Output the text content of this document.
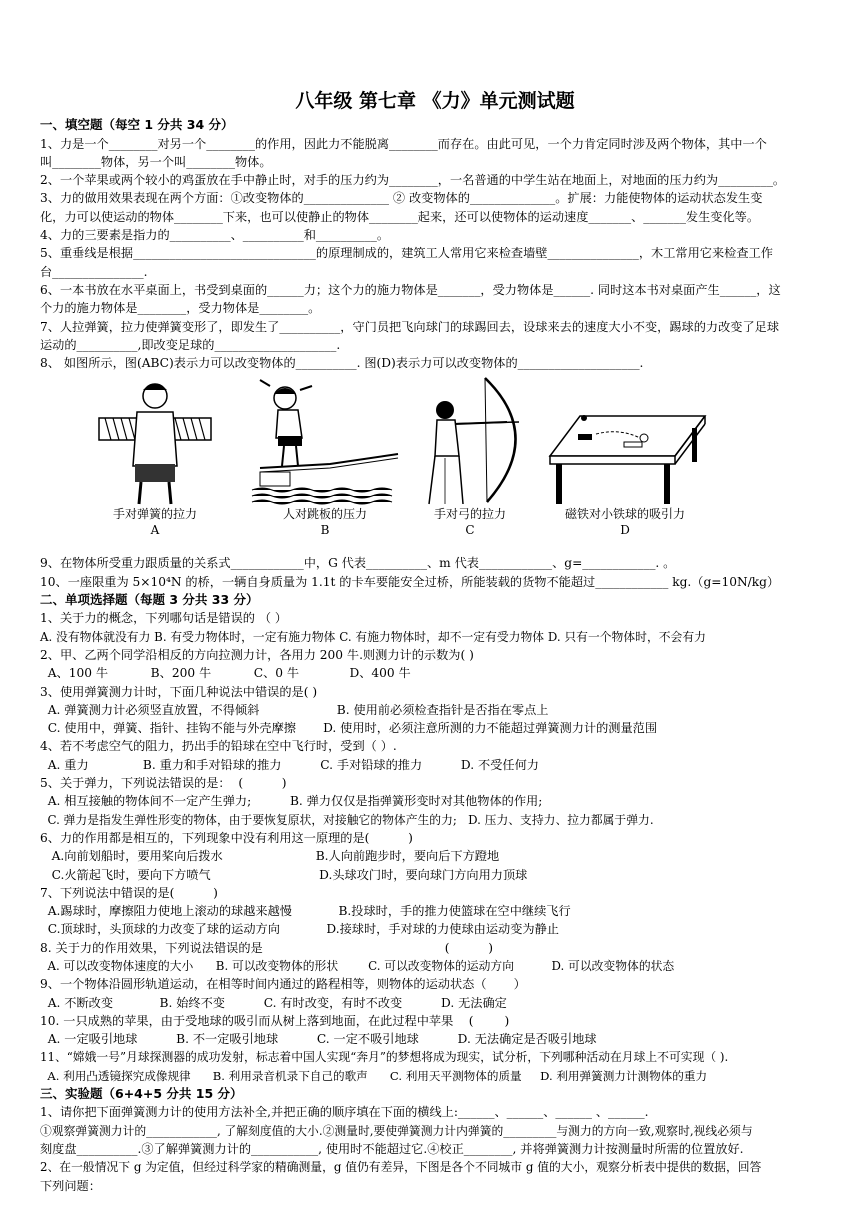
八年级 第七章 《力》单元测试题
一、填空题（每空 1 分共 34 分）

1、力是一个________对另一个________的作用，因此力不能脱离________而存在。由此可见，一个力肯定同时涉及两个物体，其中一个

叫________物体，另一个叫________物体。

2、一个苹果或两个较小的鸡蛋放在手中静止时，对手的压力约为________，一名普通的中学生站在地面上，对地面的压力约为_________。

3、力的做用效果表现在两个方面：①改变物体的______________ ② 改变物体的______________。扩展：力能使物体的运动状态发生变

化，力可以使运动的物体________下来，也可以使静止的物体________起来，还可以使物体的运动速度_______、_______发生变化等。

4、力的三要素是指力的__________、__________和__________。

5、重垂线是根据______________________________的原理制成的，建筑工人常用它来检查墙壁_______________，木工常用它来检查工作

台_______________.

6、一本书放在水平桌面上，书受到桌面的______力；这个力的施力物体是_______，受力物体是______. 同时这本书对桌面产生______，这

个力的施力物体是________，受力物体是________。

7、人拉弹簧，拉力使弹簧变形了，即发生了__________，守门员把飞向球门的球踢回去，设球来去的速度大小不变，踢球的力改变了足球

运动的__________,即改变足球的____________________.

8、 如图所示，图(ABC)表示力可以改变物体的__________. 图(D)表示力可以改变物体的____________________.

手对弹簧的拉力
A
人对跳板的压力
B
手对弓的拉力
C
磁铁对小铁球的吸引力
D

9、在物体所受重力跟质量的关系式____________中，G 代表__________、m 代表____________、g=____________. 。

10、一座限重为 5×10⁴N 的桥，一辆自身质量为 1.1t 的卡车要能安全过桥，所能装载的货物不能超过____________ kg.（g=10N/kg）

二、单项选择题（每题 3 分共 33 分）

1、关于力的概念，下列哪句话是错误的 （ ）

A. 没有物体就没有力 B. 有受力物体时，一定有施力物体 C. 有施力物体时，却不一定有受力物体 D. 只有一个物体时，不会有力

2、甲、乙两个同学沿相反的方向拉测力计，各用力 200 牛.则测力计的示数为( )

A、100 牛           B、200 牛           C、0 牛             D、400 牛

3、使用弹簧测力计时，下面几种说法中错误的是( )

A. 弹簧测力计必须竖直放置，不得倾斜                    B. 使用前必须检查指针是否指在零点上

C. 使用中，弹簧、指针、挂钩不能与外壳摩擦       D. 使用时，必须注意所测的力不能超过弹簧测力计的测量范围

4、若不考虑空气的阻力，扔出手的铅球在空中飞行时，受到（ ）.

A. 重力              B. 重力和手对铅球的推力          C. 手对铅球的推力          D. 不受任何力

5、关于弹力，下列说法错误的是：  (          )

A. 相互接触的物体间不一定产生弹力;          B. 弹力仅仅是指弹簧形变时对其他物体的作用;

C. 弹力是指发生弹性形变的物体，由于要恢复原状，对接触它的物体产生的力;   D. 压力、支持力、拉力都属于弹力.

6、力的作用都是相互的，下列现象中没有利用这一原理的是(          )

A.向前划船时，要用桨向后拨水                        B.人向前跑步时，要向后下方蹬地

C.火箭起飞时，要向下方喷气                            D.头球攻门时，要向球门方向用力顶球

7、下列说法中错误的是(          )

A.踢球时，摩擦阻力使地上滚动的球越来越慢            B.投球时，手的推力使篮球在空中继续飞行

C.顶球时，头顶球的力改变了球的运动方向            D.接球时，手对球的力使球由运动变为静止

8. 关于力的作用效果，下列说法错误的是                                               (          )

A. 可以改变物体速度的大小      B. 可以改变物体的形状        C. 可以改变物体的运动方向          D. 可以改变物体的状态

9、一个物体沿圆形轨道运动，在相等时间内通过的路程相等，则物体的运动状态（       ）

A. 不断改变            B. 始终不变          C. 有时改变，有时不改变          D. 无法确定

10. 一只成熟的苹果，由于受地球的吸引而从树上落到地面，在此过程中苹果    (        )

A. 一定吸引地球          B. 不一定吸引地球          C. 一定不吸引地球          D. 无法确定是否吸引地球

11、“嫦娥一号”月球探测器的成功发射，标志着中国人实现“奔月”的梦想将成为现实，试分析，下列哪种活动在月球上不可实现（ ).

A. 利用凸透镜探究成像规律      B. 利用录音机录下自己的歌声      C. 利用天平测物体的质量     D. 利用弹簧测力计测物体的重力

三、实验题（6+4+5 分共 15 分）

1、请你把下面弹簧测力计的使用方法补全,并把正确的顺序填在下面的横线上:______、______、______ 、______.

①观察弹簧测力计的____________, 了解刻度值的大小.②测量时,要使弹簧测力计内弹簧的_________与测力的方向一致,观察时,视线必须与

刻度盘__________.③了解弹簧测力计的___________, 使用时不能超过它.④校正________, 并将弹簧测力计按测量时所需的位置放好.

2、在一般情况下 g 为定值，但经过科学家的精确测量，g 值仍有差异，下图是各个不同城市 g 值的大小，观察分析表中提供的数据，回答

下列问题：
